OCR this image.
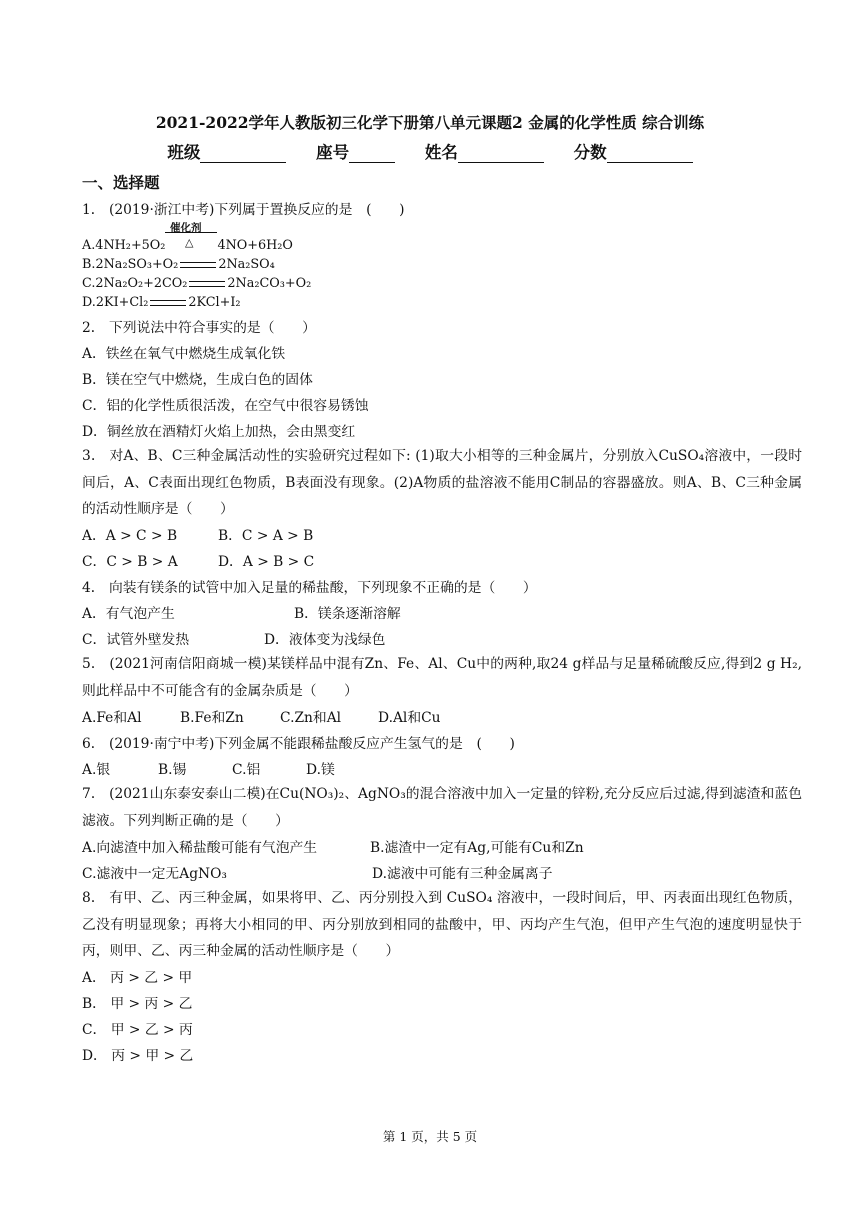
2021-2022学年人教版初三化学下册第八单元课题2 金属的化学性质 综合训练
班级	座号	姓名	分数
一、选择题
1． (2019·浙江中考)下列属于置换反应的是　(　　)
催化剂
△
A.4NH₂+5O₂	4NO+6H₂O
B.2Na₂SO₃+O₂	2Na₂SO₄
C.2Na₂O₂+2CO₂	2Na₂CO₃+O₂
D.2KI+Cl₂	2KCl+I₂
2． 下列说法中符合事实的是（　　）
A．铁丝在氧气中燃烧生成氧化铁
B．镁在空气中燃烧，生成白色的固体
C．铝的化学性质很活泼，在空气中很容易锈蚀
D．铜丝放在酒精灯火焰上加热，会由黑变红
3． 对A、B、C三种金属活动性的实验研究过程如下: (1)取大小相等的三种金属片，分别放入CuSO₄溶液中，一段时间后，A、C表面出现红色物质，B表面没有现象。(2)A物质的盐溶液不能用C制品的容器盛放。则A、B、C三种金属的活动性顺序是（　　）
A．A > C > B	B．C > A > B
C．C > B > A	D．A > B > C
4． 向装有镁条的试管中加入足量的稀盐酸，下列现象不正确的是（　　）
A．有气泡产生	B．镁条逐渐溶解
C．试管外壁发热	D．液体变为浅绿色
5． (2021河南信阳商城一模)某镁样品中混有Zn、Fe、Al、Cu中的两种,取24 g样品与足量稀硫酸反应,得到2 g H₂,则此样品中不可能含有的金属杂质是（　　）
A.Fe和Al	B.Fe和Zn	C.Zn和Al	D.Al和Cu
6． (2019·南宁中考)下列金属不能跟稀盐酸反应产生氢气的是　(　　)
A.银	B.锡	C.铝	D.镁
7． (2021山东泰安泰山二模)在Cu(NO₃)₂、AgNO₃的混合溶液中加入一定量的锌粉,充分反应后过滤,得到滤渣和蓝色滤液。下列判断正确的是（　　）
A.向滤渣中加入稀盐酸可能有气泡产生	B.滤渣中一定有Ag,可能有Cu和Zn
C.滤液中一定无AgNO₃	D.滤液中可能有三种金属离子
8． 有甲、乙、丙三种金属，如果将甲、乙、丙分别投入到 CuSO₄ 溶液中，一段时间后，甲、丙表面出现红色物质，乙没有明显现象；再将大小相同的甲、丙分别放到相同的盐酸中，甲、丙均产生气泡，但甲产生气泡的速度明显快于丙，则甲、乙、丙三种金属的活动性顺序是（　　）
A． 丙 > 乙 > 甲
B． 甲 > 丙 > 乙
C． 甲 > 乙 > 丙
D． 丙 > 甲 > 乙
第 1 页，共 5 页
